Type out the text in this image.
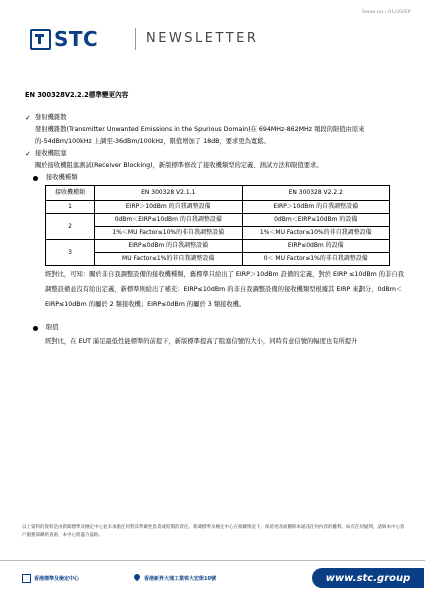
Issue no.: 01/20/EP
STC	NEWSLETTER
EN 300328V2.2.2標準變更內容
✓ 發射機雜散
發射機雜散(Transmitter Unwanted Emissions in the Spurious Domain)在 694MHz-862MHz 頻段的限值由原來的-54dBm/100kHz 上調至-36dBm/100kHz，限值增加了 18dB，要求更為寬鬆。
✓ 接收機阻塞
關於接收機阻塞測試(Receiver Blocking)，新版標準修改了接收機類型的定義、測試方法和限值要求。
接收機種類
接收機種類	EN 300328 V2.1.1	EN 300328 V2.2.2
1	EIRP＞10dBm 的自我調整設備	EIRP＞10dBm 的自我調整設備
2	0dBm＜EIRP≤10dBm 的自我調整設備	0dBm＜EIRP≤10dBm 的設備
	1%＜MU Factor≤10%的非自我調整設備	1%＜MU Factor≤10%的非自我調整設備
3	EIRP≤0dBm 的自我調整設備	EIRP≤0dBm 的設備
	MU Factor≤1%的非自我調整設備	0＜ MU Factor≤1%的非自我調整設備
經對比，可知：關於非自我調整設備的接收機種類，舊標準只給出了 EIRP＞10dBm 設備的定義，對於 EIRP ≤10dBm 的非自我調整設備並沒有給出定義，新標準則給出了補充：EIRP≤10dBm 的非自我調整設備的接收機類型根據其 EIRP 來劃分，0dBm＜EIRP≤10dBm 的屬於 2 類接收機；EIRP≤0dBm 的屬於 3 類接收機。
限值
經對比，在 EUT 滿足最低性能標準的前提下，新版標準提高了阻塞信號的大小，同時有意信號的幅度也有所提升
以上資料的資料是由新聞標準及檢定中心並未承擔任何對其準確性負責或賠償的責任。新聞標準及檢定中心在相關情況下，保留更改或刪除本通訊任何內容的權利。如有任何疑問，請與本中心客戶服務部聯絡查詢，本中心將盡力協助。
香港標準及檢定中心	香港新界大埔工業邨大宏街10號	www.stc.group
